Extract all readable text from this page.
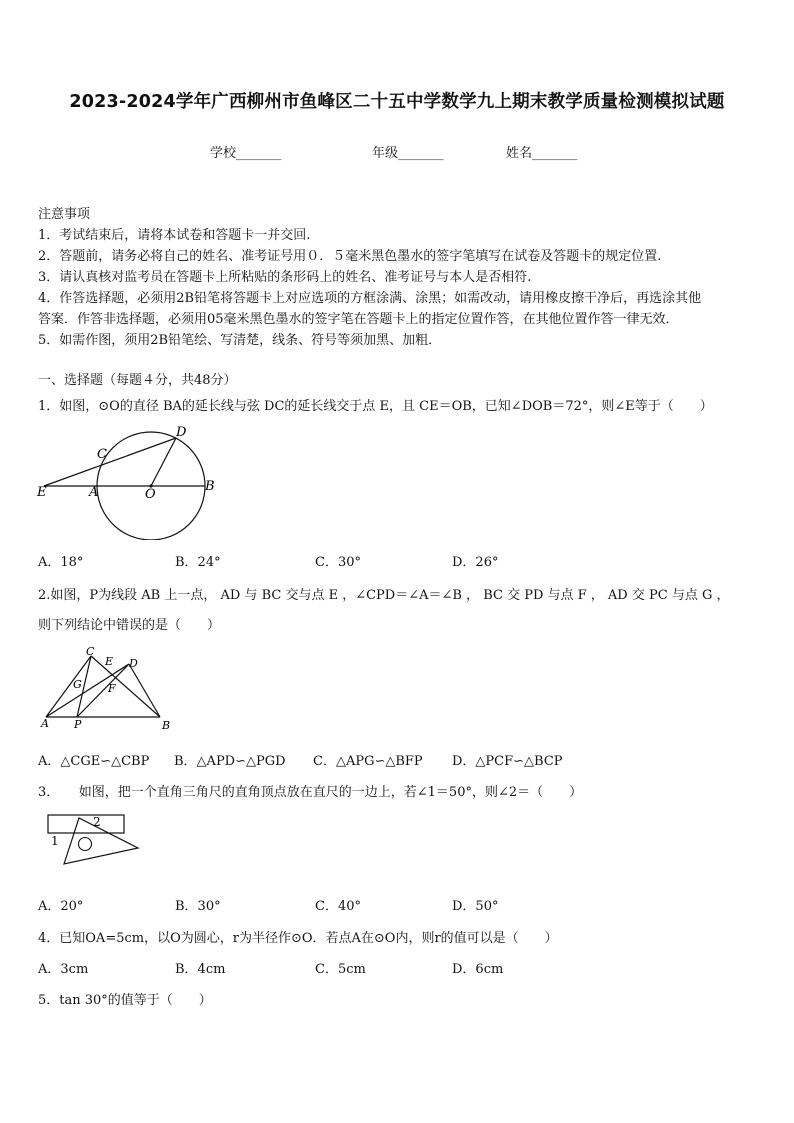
2023-2024学年广西柳州市鱼峰区二十五中学数学九上期末教学质量检测模拟试题
学校_______	年级_______	姓名_______
注意事项
1．考试结束后，请将本试卷和答题卡一并交回.
2．答题前，请务必将自己的姓名、准考证号用０．５毫米黑色墨水的签字笔填写在试卷及答题卡的规定位置.
3．请认真核对监考员在答题卡上所粘贴的条形码上的姓名、准考证号与本人是否相符.
4．作答选择题，必须用2B铅笔将答题卡上对应选项的方框涂满、涂黑；如需改动，请用橡皮擦干净后，再选涂其他
答案．作答非选择题，必须用05毫米黑色墨水的签字笔在答题卡上的指定位置作答，在其他位置作答一律无效．
5．如需作图，须用2B铅笔绘、写清楚，线条、符号等须加黑、加粗．
一、选择题（每题４分，共48分）
1．如图，⊙O的直径 BA的延长线与弦 DC的延长线交于点 E，且 CE＝OB，已知∠DOB＝72°，则∠E等于（　　）
D
C
E	A	O
B
A．18°	B．24°	C．30°	D．26°
2.如图，P为线段 AB 上一点， AD 与 BC 交与点 E ，∠CPD＝∠A＝∠B ， BC 交 PD 与点 F ， AD 交 PC 与点 G ，
则下列结论中错误的是（　　）
C
E D
G F
A P	B
A．△CGE∽△CBP B．△APD∽△PGD C．△APG∽△BFP D．△PCF∽△BCP
3．　　如图，把一个直角三角尺的直角顶点放在直尺的一边上，若∠1＝50°，则∠2＝（　　）
1
2
A．20°	B．30°	C．40°	D．50°
4．已知OA=5cm，以O为圆心，r为半径作⊙O．若点A在⊙O内，则r的值可以是（　　）
A．3cm	B．4cm	C．5cm	D．6cm
5．tan 30°的值等于（　　）
